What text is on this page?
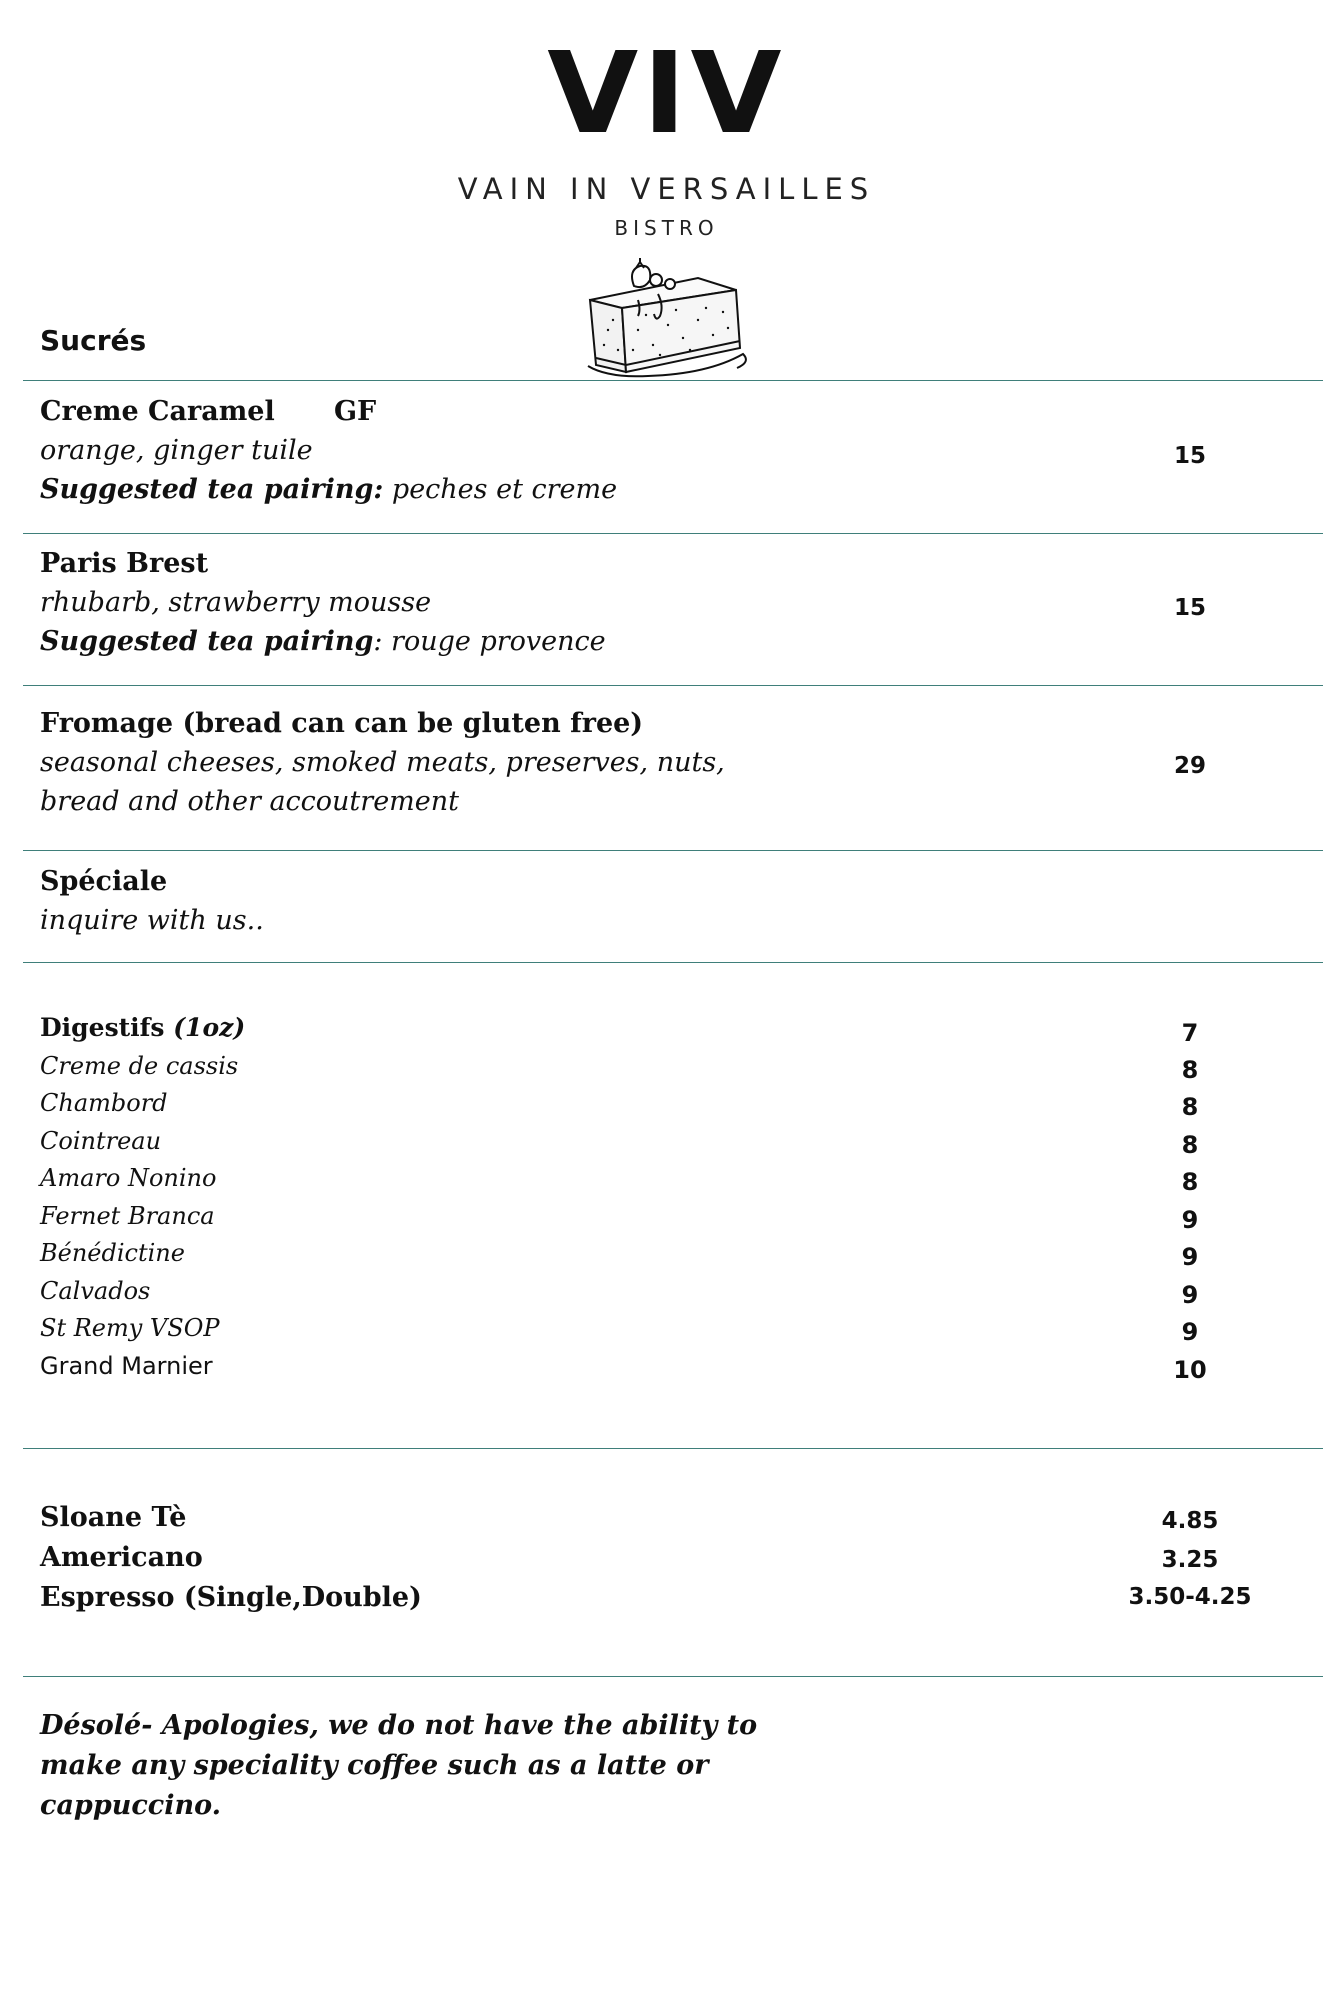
VIV
VAIN IN VERSAILLES
BISTRO
Sucrés
Creme Caramel GF
orange, ginger tuile
Suggested tea pairing: peches et creme
15
Paris Brest
rhubarb, strawberry mousse
Suggested tea pairing: rouge provence
15
Fromage (bread can can be gluten free)
seasonal cheeses, smoked meats, preserves, nuts,
bread and other accoutrement
29
Spéciale
inquire with us..
Digestifs (1oz)	7
Creme de cassis	8
Chambord	8
Cointreau	8
Amaro Nonino	8
Fernet Branca	9
Bénédictine	9
Calvados	9
St Remy VSOP	9
Grand Marnier	10
Sloane Tè	4.85
Americano	3.25
Espresso (Single,Double)	3.50-4.25
Désolé- Apologies, we do not have the ability to
make any speciality coffee such as a latte or
cappuccino.
